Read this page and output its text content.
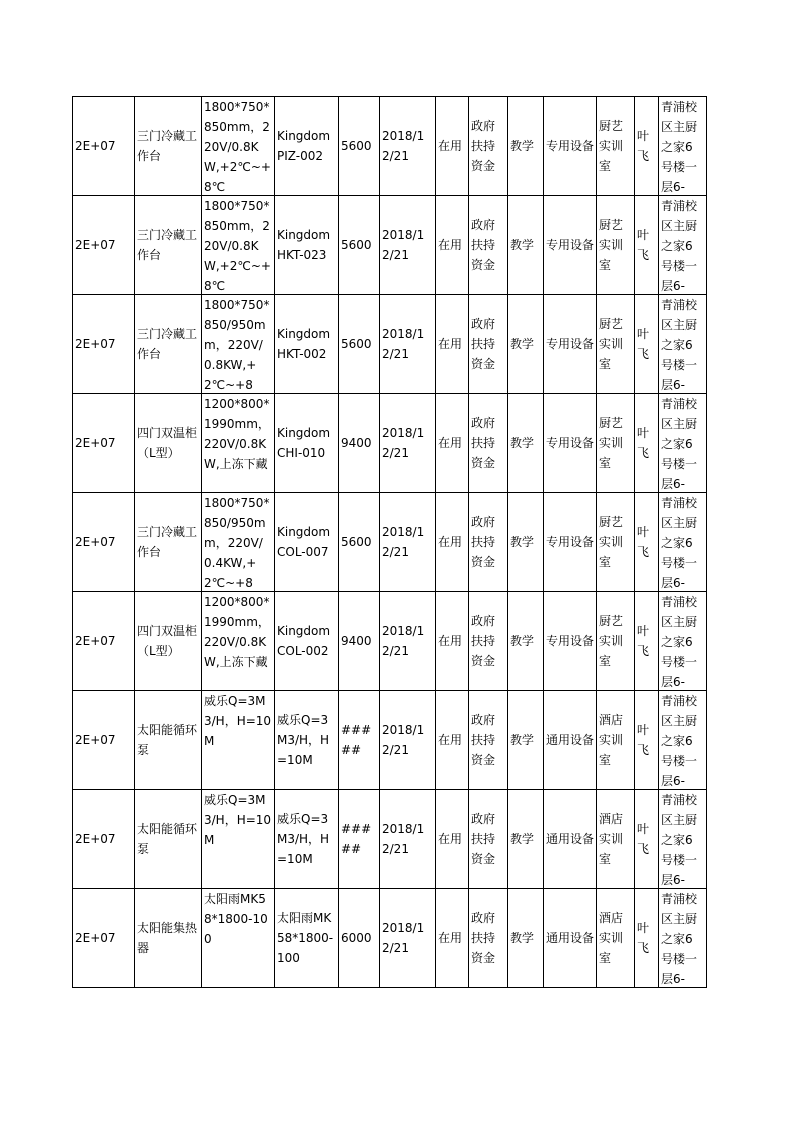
2E+07	三门冷藏工作台	1800*750*850mm，220V/0.8KW,+2℃~+8℃	Kingdom PIZ-002	5600	2018/12/21	在用	政府扶持资金	教学	专用设备	厨艺实训室	叶飞	青浦校区主厨之家6号楼一层6-

2E+07	三门冷藏工作台	1800*750*850mm，220V/0.8KW,+2℃~+8℃	Kingdom HKT-023	5600	2018/12/21	在用	政府扶持资金	教学	专用设备	厨艺实训室	叶飞	青浦校区主厨之家6号楼一层6-

2E+07	三门冷藏工作台	1800*750*850/950mm，220V/0.8KW,+2℃~+8	Kingdom HKT-002	5600	2018/12/21	在用	政府扶持资金	教学	专用设备	厨艺实训室	叶飞	青浦校区主厨之家6号楼一层6-

2E+07	四门双温柜（L型）	1200*800*1990mm，220V/0.8KW,上冻下藏	Kingdom CHI-010	9400	2018/12/21	在用	政府扶持资金	教学	专用设备	厨艺实训室	叶飞	青浦校区主厨之家6号楼一层6-

2E+07	三门冷藏工作台	1800*750*850/950mm，220V/0.4KW,+2℃~+8	Kingdom COL-007	5600	2018/12/21	在用	政府扶持资金	教学	专用设备	厨艺实训室	叶飞	青浦校区主厨之家6号楼一层6-

2E+07	四门双温柜（L型）	1200*800*1990mm，220V/0.8KW,上冻下藏	Kingdom COL-002	9400	2018/12/21	在用	政府扶持资金	教学	专用设备	厨艺实训室	叶飞	青浦校区主厨之家6号楼一层6-

2E+07	太阳能循环泵	威乐Q=3M3/H，H=10M	威乐Q=3M3/H，H=10M	#####	2018/12/21	在用	政府扶持资金	教学	通用设备	酒店实训室	叶飞	青浦校区主厨之家6号楼一层6-

2E+07	太阳能循环泵	威乐Q=3M3/H，H=10M	威乐Q=3M3/H，H=10M	#####	2018/12/21	在用	政府扶持资金	教学	通用设备	酒店实训室	叶飞	青浦校区主厨之家6号楼一层6-

2E+07	太阳能集热器	太阳雨MK58*1800-100	太阳雨MK58*1800-100	6000	2018/12/21	在用	政府扶持资金	教学	通用设备	酒店实训室	叶飞	青浦校区主厨之家6号楼一层6-
